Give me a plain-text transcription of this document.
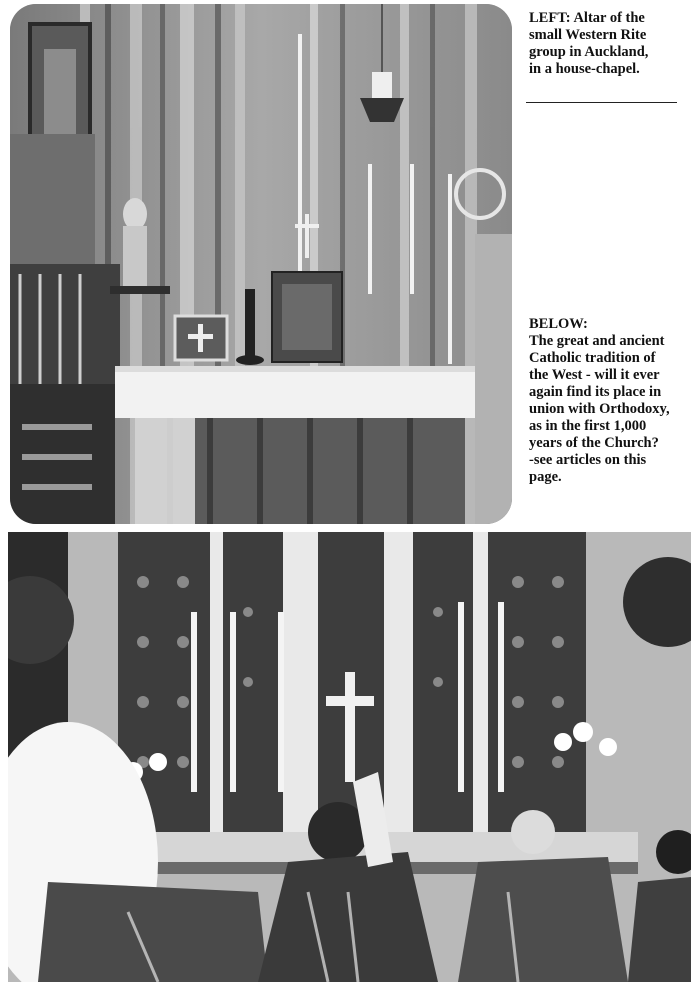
LEFT: Altar of the
small Western Rite
group in Auckland,
in a house-chapel.
BELOW:
The great and ancient
Catholic tradition of
the West - will it ever
again find its place in
union with Orthodoxy,
as in the first 1,000
years of the Church?
-see articles on this
page.
